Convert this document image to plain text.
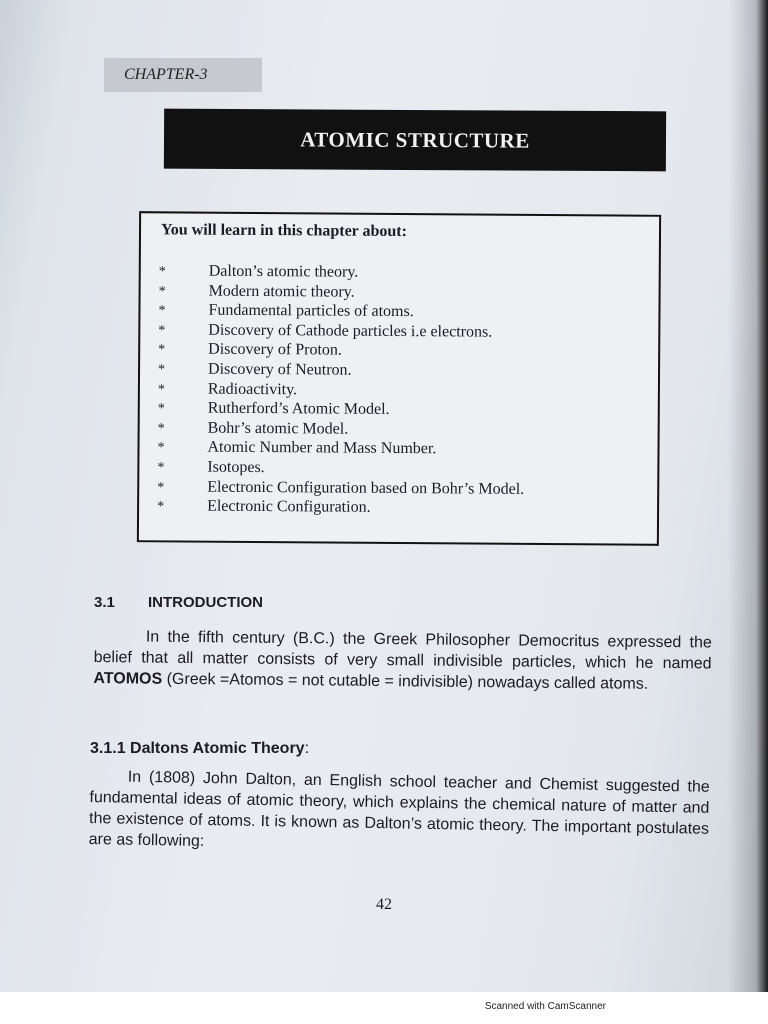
CHAPTER-3
ATOMIC STRUCTURE
You will learn in this chapter about:
*	Dalton’s atomic theory.
*	Modern atomic theory.
*	Fundamental particles of atoms.
*	Discovery of Cathode particles i.e electrons.
*	Discovery of Proton.
*	Discovery of Neutron.
*	Radioactivity.
*	Rutherford’s Atomic Model.
*	Bohr’s atomic Model.
*	Atomic Number and Mass Number.
*	Isotopes.
*	Electronic Configuration based on Bohr’s Model.
*	Electronic Configuration.
3.1 INTRODUCTION
In the fifth century (B.C.) the Greek Philosopher Democritus expressed the belief that all matter consists of very small indivisible particles, which he named ATOMOS (Greek =Atomos = not cutable = indivisible) nowadays called atoms.
3.1.1 Daltons Atomic Theory:
In (1808) John Dalton, an English school teacher and Chemist suggested the fundamental ideas of atomic theory, which explains the chemical nature of matter and the existence of atoms. It is known as Dalton’s atomic theory. The important postulates are as following:
42
Scanned with CamScanner
